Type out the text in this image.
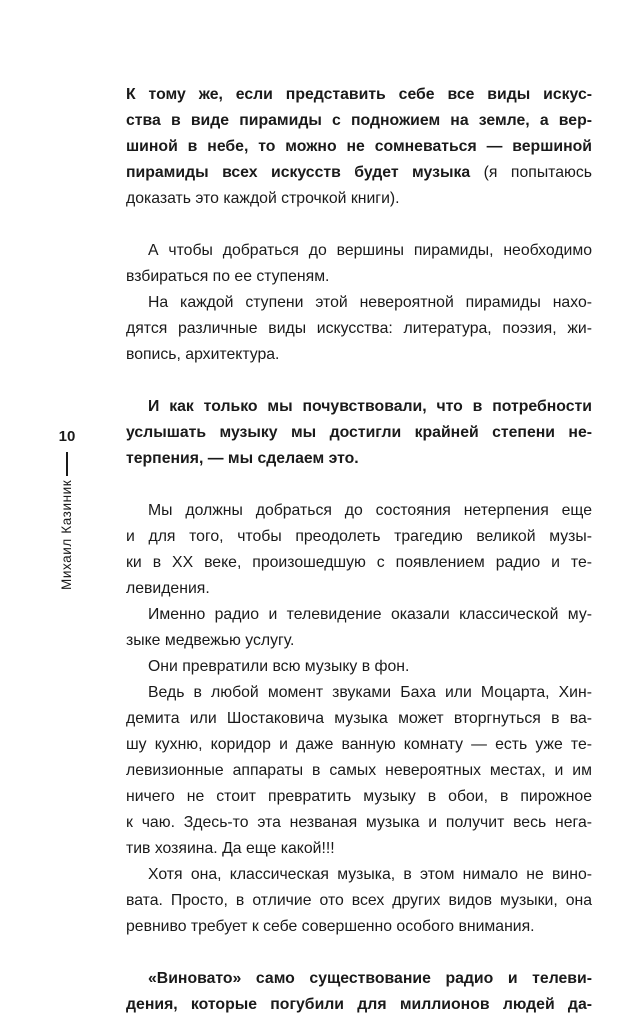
10
Михаил Казиник

К тому же, если представить себе все виды искус-
ства в виде пирамиды с подножием на земле, а вер-
шиной в небе, то можно не сомневаться — вершиной
пирамиды всех искусств будет музыка (я попытаюсь
доказать это каждой строчкой книги).

А чтобы добраться до вершины пирамиды, необходимо
взбираться по ее ступеням.

На каждой ступени этой невероятной пирамиды нахо-
дятся различные виды искусства: литература, поэзия, жи-
вопись, архитектура.

И как только мы почувствовали, что в потребности
услышать музыку мы достигли крайней степени не-
терпения, — мы сделаем это.

Мы должны добраться до состояния нетерпения еще
и для того, чтобы преодолеть трагедию великой музы-
ки в XX веке, произошедшую с появлением радио и те-
левидения.

Именно радио и телевидение оказали классической му-
зыке медвежью услугу.

Они превратили всю музыку в фон.

Ведь в любой момент звуками Баха или Моцарта, Хин-
демита или Шостаковича музыка может вторгнуться в ва-
шу кухню, коридор и даже ванную комнату — есть уже те-
левизионные аппараты в самых невероятных местах, и им
ничего не стоит превратить музыку в обои, в пирожное
к чаю. Здесь-то эта незваная музыка и получит весь нега-
тив хозяина. Да еще какой!!!

Хотя она, классическая музыка, в этом нимало не вино-
вата. Просто, в отличие ото всех других видов музыки, она
ревниво требует к себе совершенно особого внимания.

«Виновато» само существование радио и телеви-
дения, которые погубили для миллионов людей да-
